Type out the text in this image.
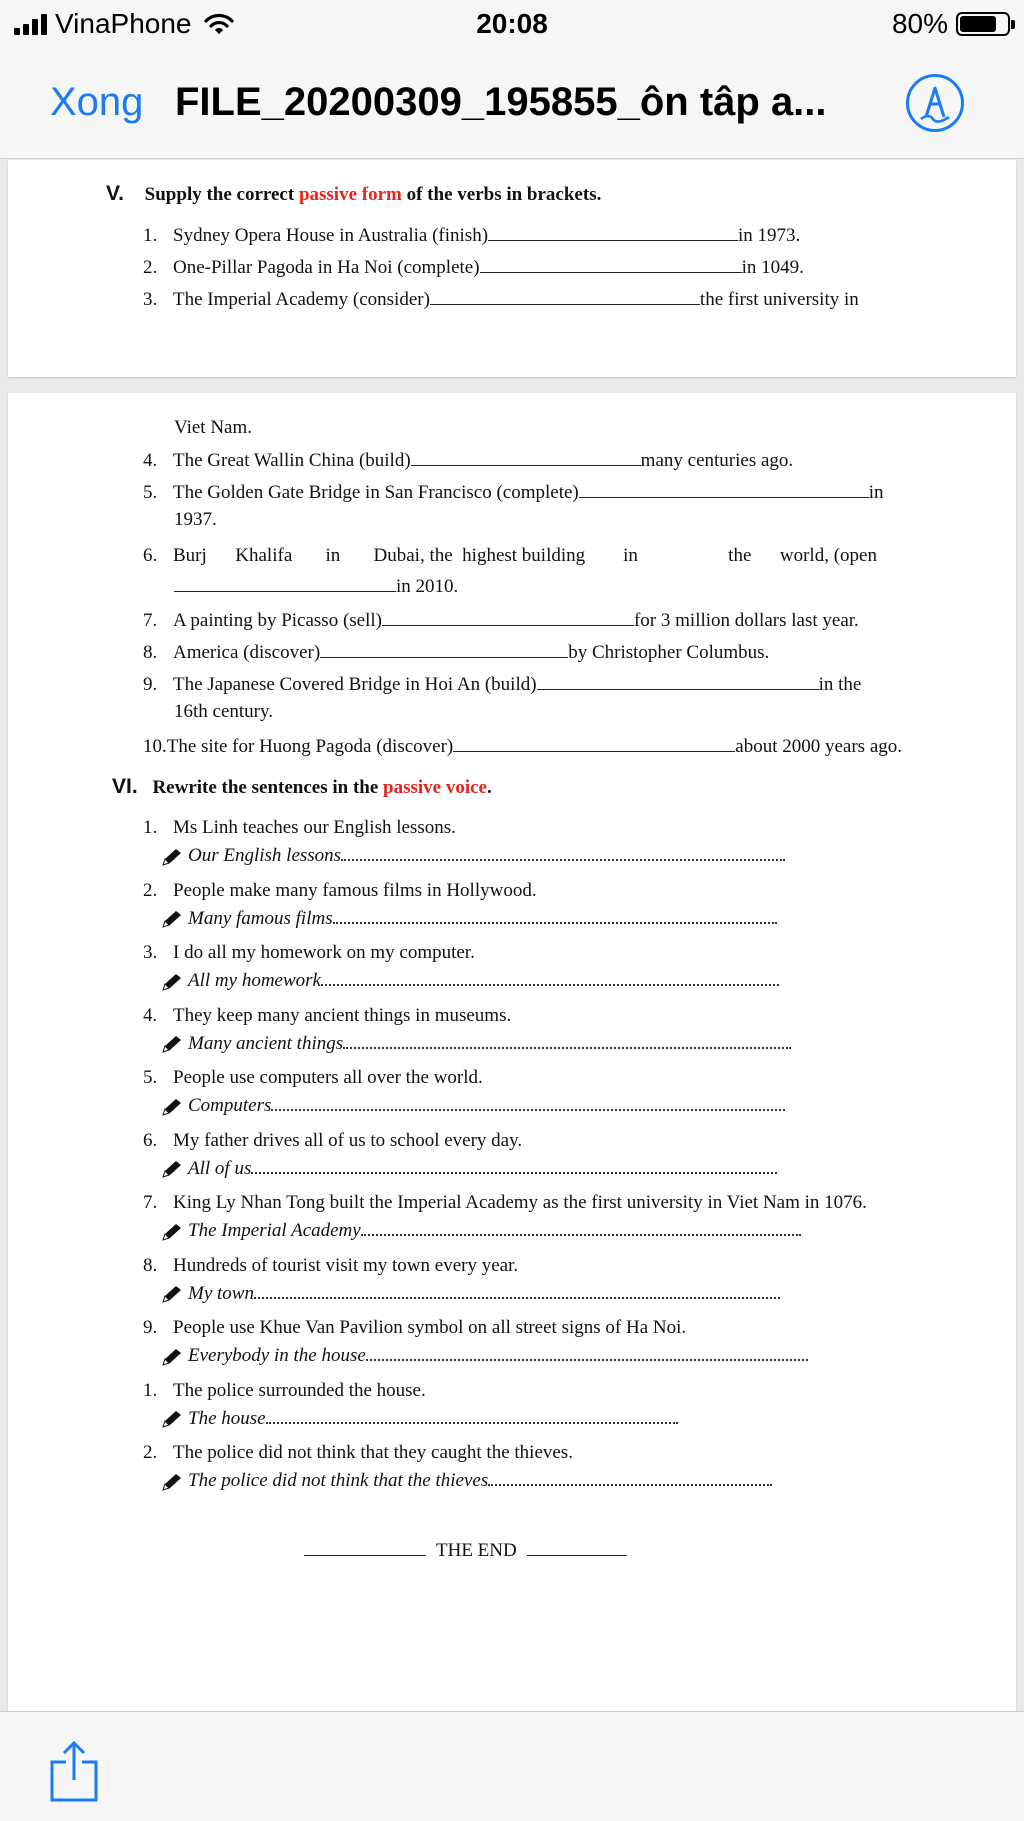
VinaPhone	20:08	80%
Xong FILE_20200309_195855_ôn tâp a...
V. Supply the correct passive form of the verbs in brackets.
1. Sydney Opera House in Australia (finish)	in 1973.
2. One-Pillar Pagoda in Ha Noi (complete)	in 1049.
3. The Imperial Academy (consider)	the first university in
Viet Nam.
4. The Great Wallin China (build)	many centuries ago.
5. The Golden Gate Bridge in San Francisco (complete)	in
1937.
6. Burj      Khalifa       in       Dubai, the  highest building        in                   the      world, (open
in 2010.
7. A painting by Picasso (sell)	for 3 million dollars last year.
8. America (discover)	by Christopher Columbus.
9. The Japanese Covered Bridge in Hoi An (build)	in the
16th century.
10.The site for Huong Pagoda (discover)	about 2000 years ago.
VI. Rewrite the sentences in the passive voice.
1. Ms Linh teaches our English lessons.
Our English lessons
2. People make many famous films in Hollywood.
Many famous films
3. I do all my homework on my computer.
All my homework
4. They keep many ancient things in museums.
Many ancient things
5. People use computers all over the world.
Computers
6. My father drives all of us to school every day.
All of us
7. King Ly Nhan Tong built the Imperial Academy as the first university in Viet Nam in 1076.
The Imperial Academy
8. Hundreds of tourist visit my town every year.
My town
9. People use Khue Van Pavilion symbol on all street signs of Ha Noi.
Everybody in the house
1. The police surrounded the house.
The house
2. The police did not think that they caught the thieves.
The police did not think that the thieves
THE END
